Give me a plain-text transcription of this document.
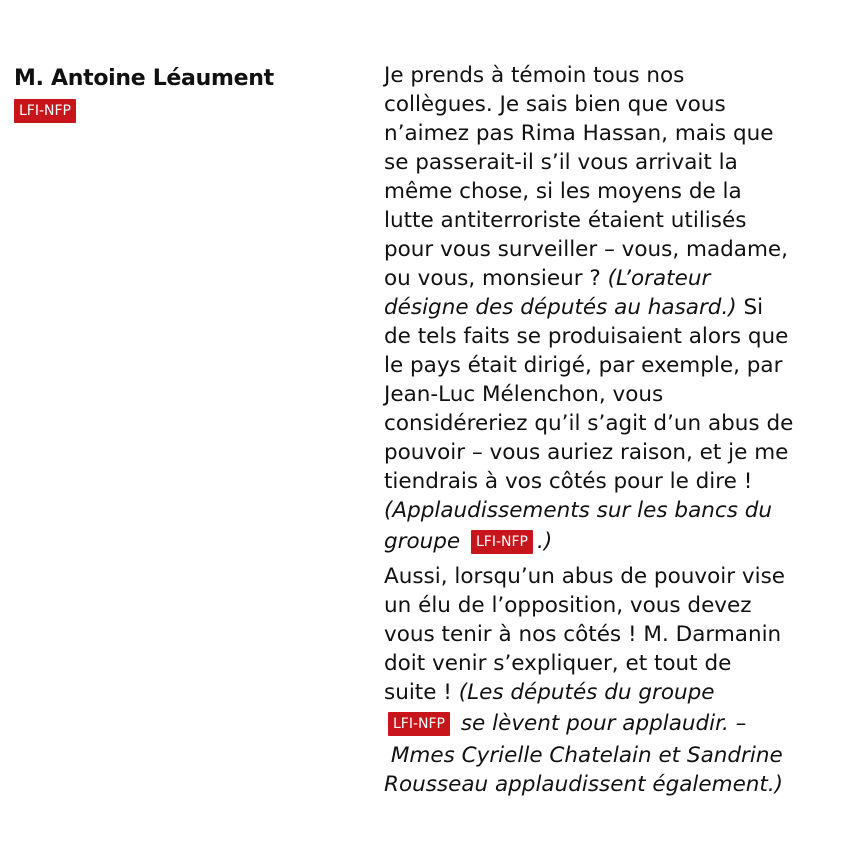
M. Antoine Léaument
LFI-NFP

Je prends à témoin tous nos
collègues. Je sais bien que vous
n’aimez pas Rima Hassan, mais que
se passerait-il s’il vous arrivait la
même chose, si les moyens de la
lutte antiterroriste étaient utilisés
pour vous surveiller – vous, madame,
ou vous, monsieur ? (L’orateur
désigne des députés au hasard.) Si
de tels faits se produisaient alors que
le pays était dirigé, par exemple, par
Jean-Luc Mélenchon, vous
considéreriez qu’il s’agit d’un abus de
pouvoir – vous auriez raison, et je me
tiendrais à vos côtés pour le dire !
(Applaudissements sur les bancs du
groupe LFI-NFP .)

Aussi, lorsqu’un abus de pouvoir vise
un élu de l’opposition, vous devez
vous tenir à nos côtés ! M. Darmanin
doit venir s’expliquer, et tout de
suite ! (Les députés du groupe
LFI-NFP se lèvent pour applaudir. –
Mmes Cyrielle Chatelain et Sandrine
Rousseau applaudissent également.)
